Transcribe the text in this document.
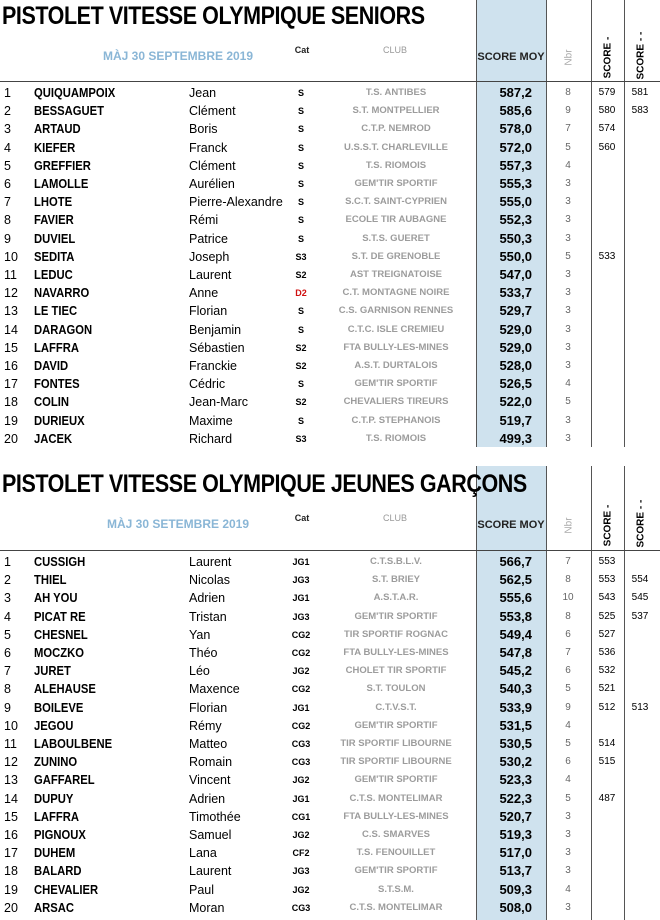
PISTOLET VITESSE OLYMPIQUE SENIORS
MÀJ 30 SEPTEMBRE 2019	Cat	CLUB
SCORE MOY Nbr	SCORE - SCORE - -
1	QUIQUAMPOIX	Jean	S	T.S. ANTIBES	587,2	8	579	581
2	BESSAGUET	Clément	S	S.T. MONTPELLIER	585,6	9	580	583
3	ARTAUD	Boris	S	C.T.P. NEMROD	578,0	7	574
4	KIEFER	Franck	S	U.S.S.T. CHARLEVILLE	572,0	5	560
5	GREFFIER	Clément	S	T.S. RIOMOIS	557,3	4
6	LAMOLLE	Aurélien	S	GEM'TIR SPORTIF	555,3	3
7	LHOTE	Pierre-Alexandre	S	S.C.T. SAINT-CYPRIEN	555,0	3
8	FAVIER	Rémi	S	ECOLE TIR AUBAGNE	552,3	3
9	DUVIEL	Patrice	S	S.T.S. GUERET	550,3	3
10	SEDITA	Joseph	S3	S.T. DE GRENOBLE	550,0	5	533
11	LEDUC	Laurent	S2	AST TREIGNATOISE	547,0	3
12	NAVARRO	Anne	D2	C.T. MONTAGNE NOIRE	533,7	3
13	LE TIEC	Florian	S	C.S. GARNISON RENNES	529,7	3
14	DARAGON	Benjamin	S	C.T.C. ISLE CREMIEU	529,0	3
15	LAFFRA	Sébastien	S2	FTA BULLY-LES-MINES	529,0	3
16	DAVID	Franckie	S2	A.S.T. DURTALOIS	528,0	3
17	FONTES	Cédric	S	GEM'TIR SPORTIF	526,5	4
18	COLIN	Jean-Marc	S2	CHEVALIERS TIREURS	522,0	5
19	DURIEUX	Maxime	S	C.T.P. STEPHANOIS	519,7	3
20	JACEK	Richard	S3	T.S. RIOMOIS	499,3	3
PISTOLET VITESSE OLYMPIQUE JEUNES GARÇONS
MÀJ 30 SETEMBRE 2019	Cat	CLUB
SCORE MOY Nbr	SCORE - SCORE - -
1	CUSSIGH	Laurent	JG1	C.T.S.B.L.V.	566,7	7	553
2	THIEL	Nicolas	JG3	S.T. BRIEY	562,5	8	553	554
3	AH YOU	Adrien	JG1	A.S.T.A.R.	555,6	10	543	545
4	PICAT RE	Tristan	JG3	GEM'TIR SPORTIF	553,8	8	525	537
5	CHESNEL	Yan	CG2	TIR SPORTIF ROGNAC	549,4	6	527
6	MOCZKO	Théo	CG2	FTA BULLY-LES-MINES	547,8	7	536
7	JURET	Léo	JG2	CHOLET TIR SPORTIF	545,2	6	532
8	ALEHAUSE	Maxence	CG2	S.T. TOULON	540,3	5	521
9	BOILEVE	Florian	JG1	C.T.V.S.T.	533,9	9	512	513
10	JEGOU	Rémy	CG2	GEM'TIR SPORTIF	531,5	4
11	LABOULBENE	Matteo	CG3	TIR SPORTIF LIBOURNE	530,5	5	514
12	ZUNINO	Romain	CG3	TIR SPORTIF LIBOURNE	530,2	6	515
13	GAFFAREL	Vincent	JG2	GEM'TIR SPORTIF	523,3	4
14	DUPUY	Adrien	JG1	C.T.S. MONTELIMAR	522,3	5	487
15	LAFFRA	Timothée	CG1	FTA BULLY-LES-MINES	520,7	3
16	PIGNOUX	Samuel	JG2	C.S. SMARVES	519,3	3
17	DUHEM	Lana	CF2	T.S. FENOUILLET	517,0	3
18	BALARD	Laurent	JG3	GEM'TIR SPORTIF	513,7	3
19	CHEVALIER	Paul	JG2	S.T.S.M.	509,3	4
20	ARSAC	Moran	CG3	C.T.S. MONTELIMAR	508,0	3
